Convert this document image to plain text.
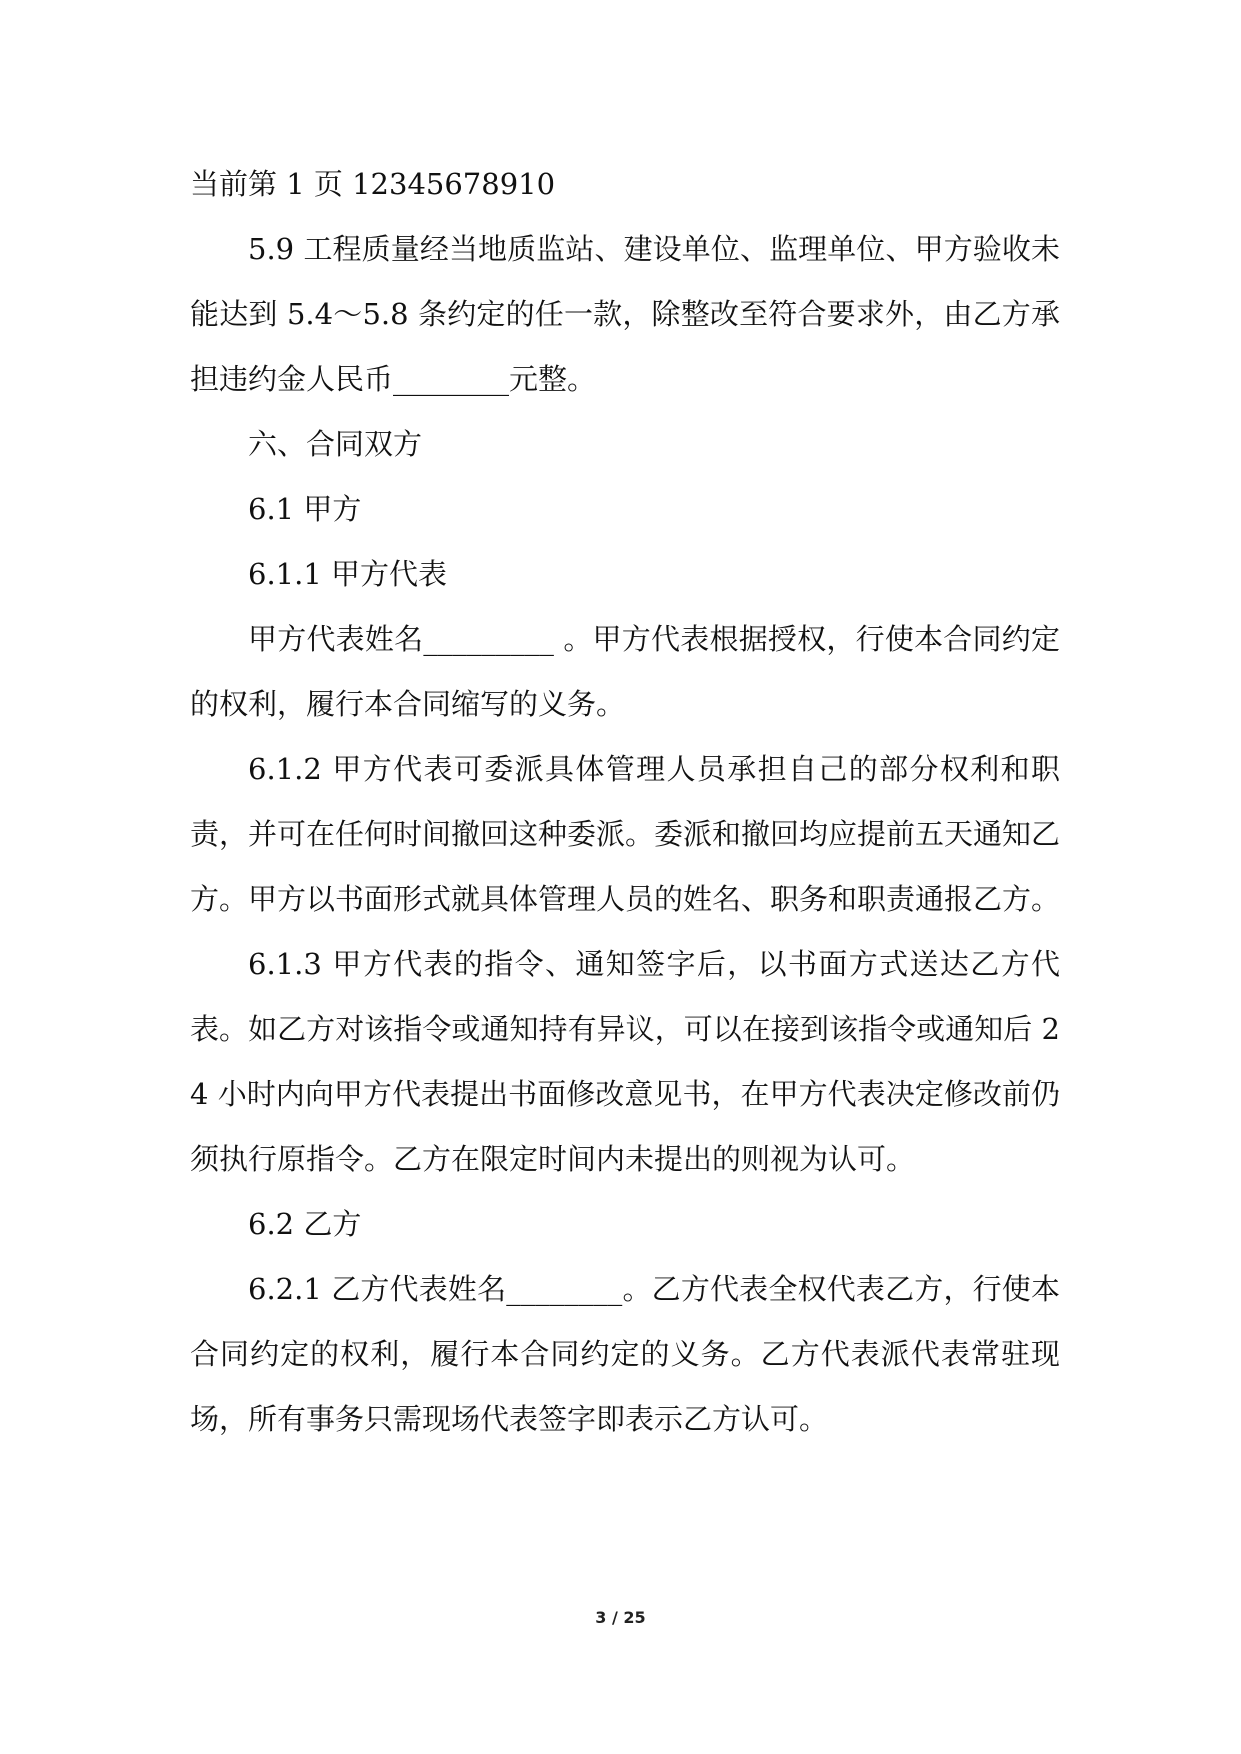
当前第 1 页 12345678910

5.9 工程质量经当地质监站、建设单位、监理单位、甲方验收未能达到 5.4～5.8 条约定的任一款，除整改至符合要求外，由乙方承担违约金人民币________元整。

六、合同双方

6.1 甲方

6.1.1 甲方代表

甲方代表姓名_________ 。甲方代表根据授权，行使本合同约定的权利，履行本合同缩写的义务。

6.1.2 甲方代表可委派具体管理人员承担自己的部分权利和职责，并可在任何时间撤回这种委派。委派和撤回均应提前五天通知乙方。甲方以书面形式就具体管理人员的姓名、职务和职责通报乙方。

6.1.3 甲方代表的指令、通知签字后，以书面方式送达乙方代表。如乙方对该指令或通知持有异议，可以在接到该指令或通知后 24 小时内向甲方代表提出书面修改意见书，在甲方代表决定修改前仍须执行原指令。乙方在限定时间内未提出的则视为认可。

6.2 乙方

6.2.1 乙方代表姓名________。乙方代表全权代表乙方，行使本合同约定的权利，履行本合同约定的义务。乙方代表派代表常驻现场，所有事务只需现场代表签字即表示乙方认可。

3 / 25
